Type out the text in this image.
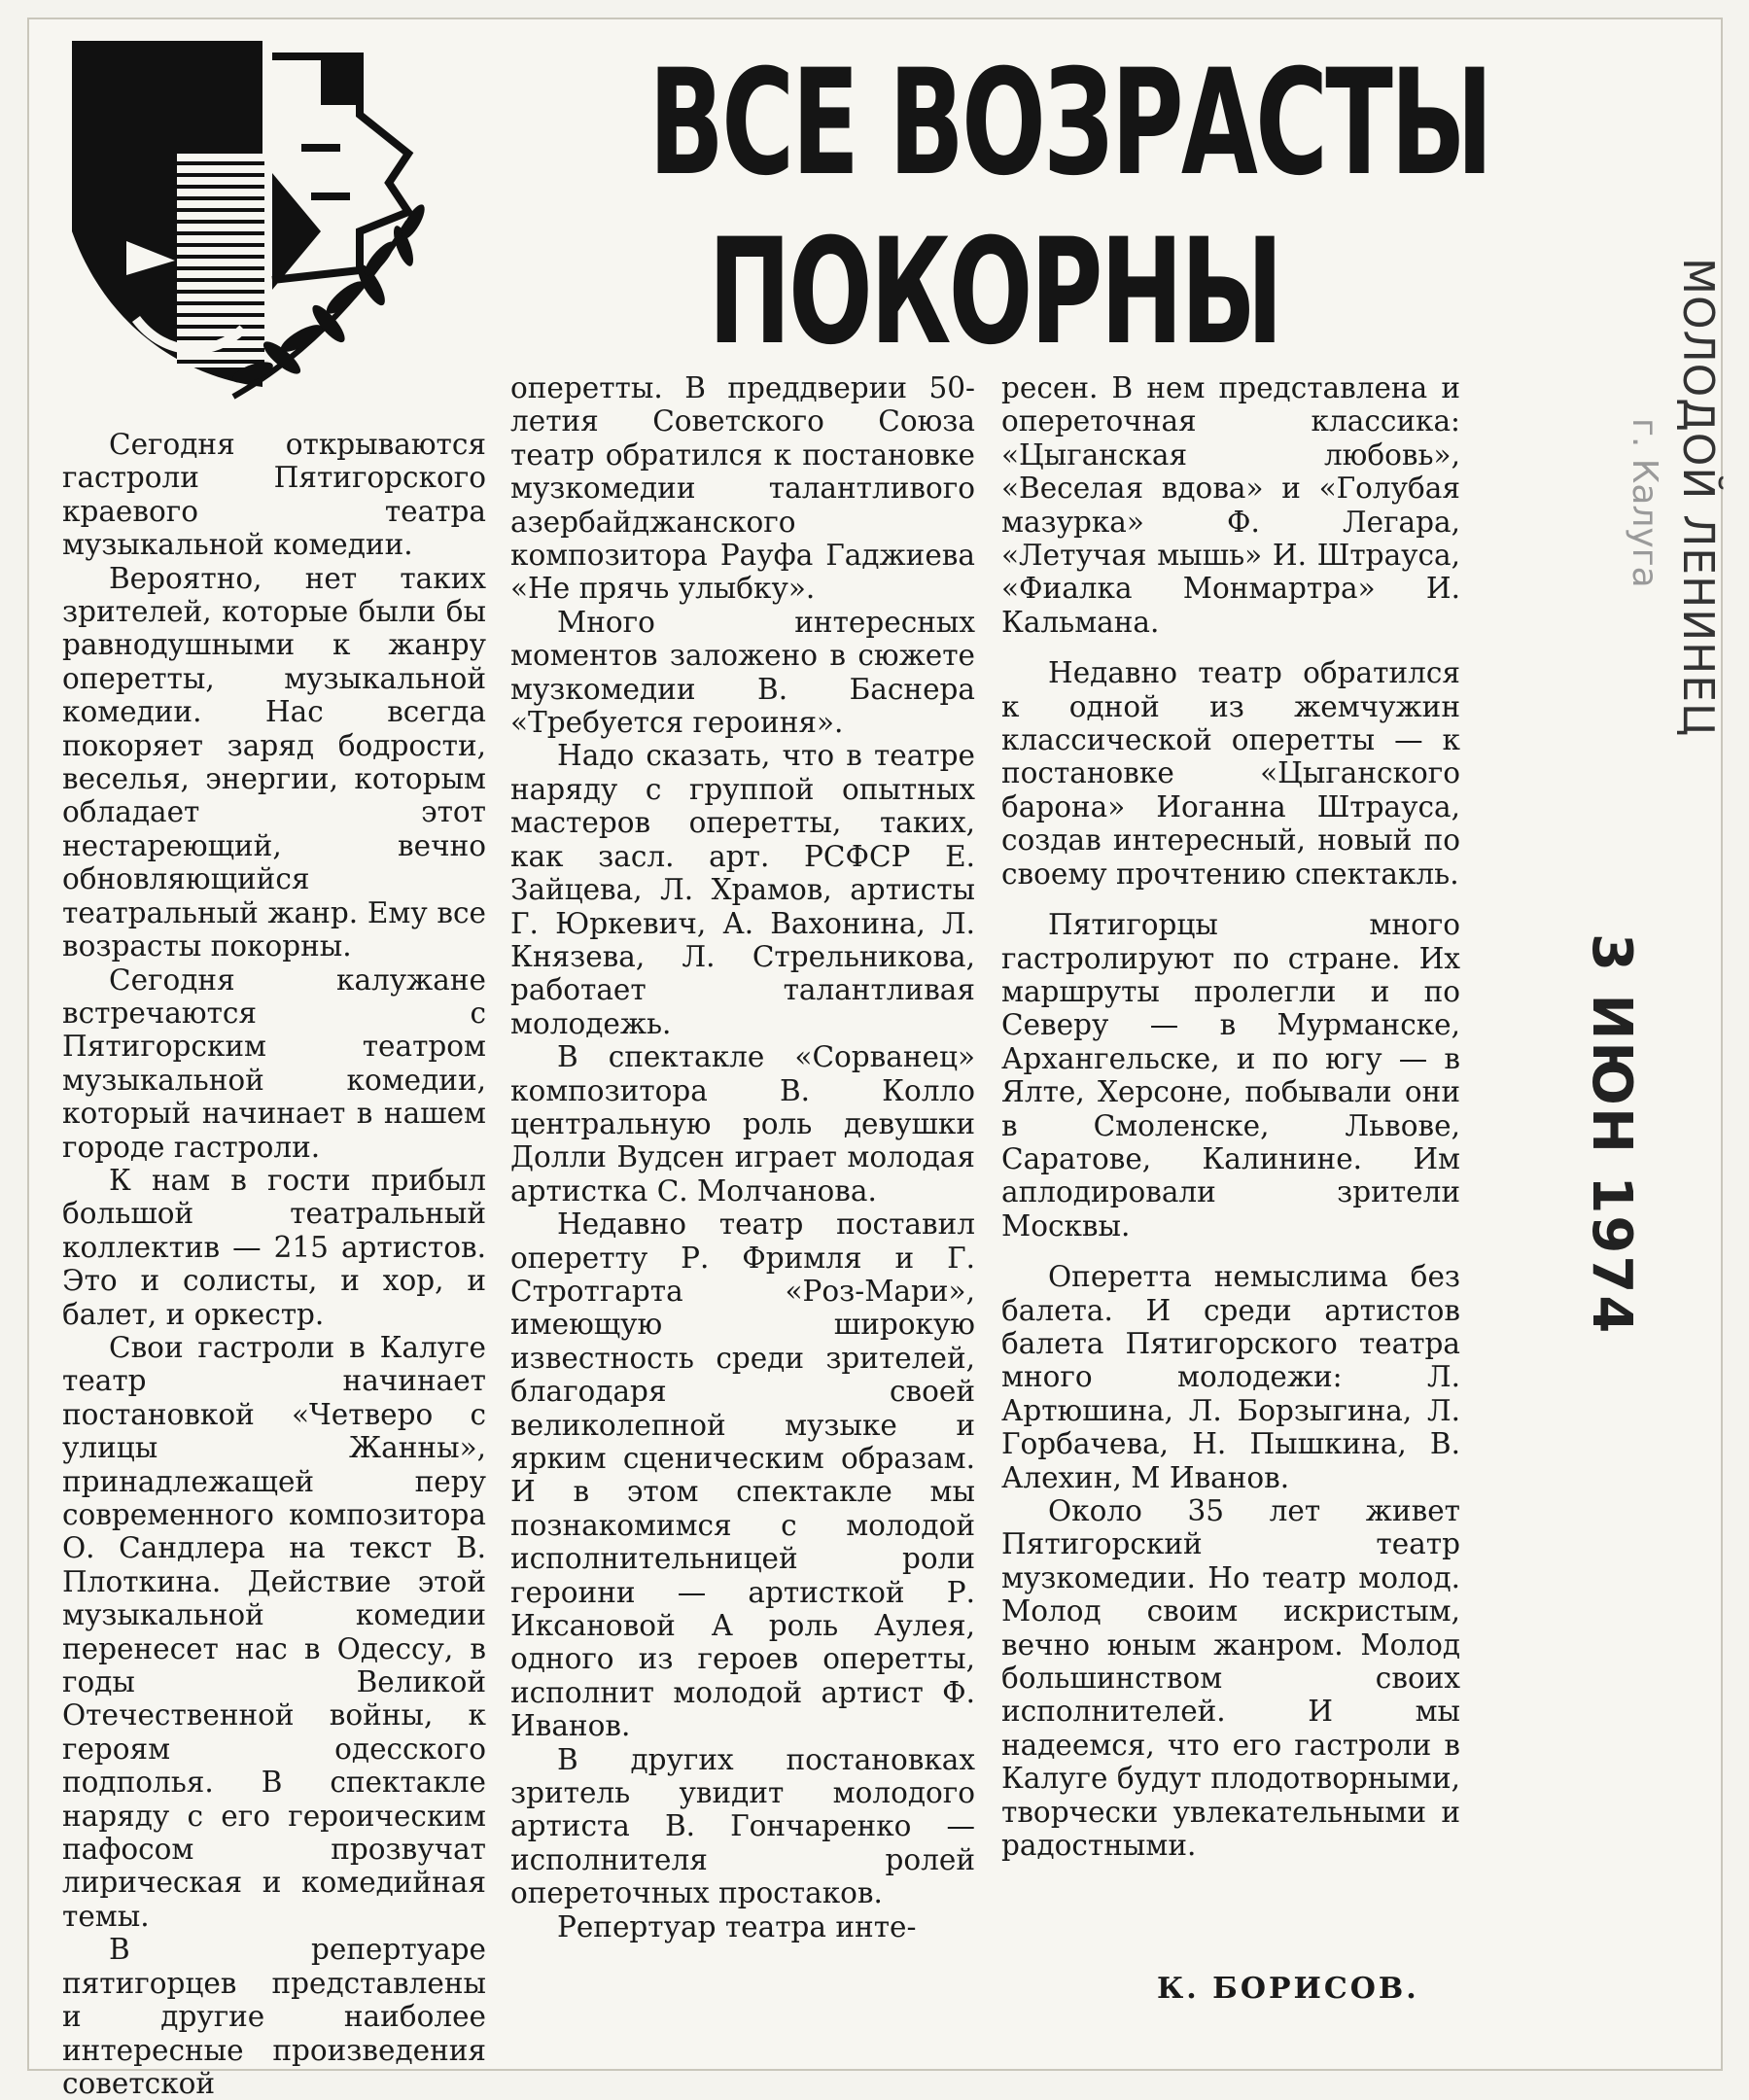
ВСЕ ВОЗРАСТЫ
ПОКОРНЫ

Сегодня открываются гастроли Пятигорского краевого театра музыкальной комедии.

Вероятно, нет таких зрителей, которые были бы равнодушными к жанру оперетты, музыкальной комедии. Нас всегда покоряет заряд бодрости, веселья, энергии, которым обладает этот нестареющий, вечно обновляющийся театральный жанр. Ему все возрасты покорны.

Сегодня калужане встречаются с Пятигорским театром музыкальной комедии, который начинает в нашем городе гастроли.

К нам в гости прибыл большой театральный коллектив — 215 артистов. Это и солисты, и хор, и балет, и оркестр.

Свои гастроли в Калуге театр начинает постановкой «Четверо с улицы Жанны», принадлежащей перу современного композитора О. Сандлера на текст В. Плоткина. Действие этой музыкальной комедии перенесет нас в Одессу, в годы Великой Отечественной войны, к героям одесского подполья. В спектакле наряду с его героическим пафосом прозвучат лирическая и комедийная темы.

В репертуаре пятигорцев представлены и другие наиболее интересные произведения советской

оперетты. В преддверии 50-летия Советского Союза театр обратился к постановке музкомедии талантливого азербайджанского композитора Рауфа Гаджиева «Не прячь улыбку».

Много интересных моментов заложено в сюжете музкомедии В. Баснера «Требуется героиня».

Надо сказать, что в театре наряду с группой опытных мастеров оперетты, таких, как засл. арт. РСФСР Е. Зайцева, Л. Храмов, артисты Г. Юркевич, А. Вахонина, Л. Князева, Л. Стрельникова, работает талантливая молодежь.

В спектакле «Сорванец» композитора В. Колло центральную роль девушки Долли Вудсен играет молодая артистка С. Молчанова.

Недавно театр поставил оперетту Р. Фримля и Г. Стротгарта «Роз-Мари», имеющую широкую известность среди зрителей, благодаря своей великолепной музыке и ярким сценическим образам. И в этом спектакле мы познакомимся с молодой исполнительницей роли героини — артисткой Р. Иксановой А роль Аулея, одного из героев оперетты, исполнит молодой артист Ф. Иванов.

В других постановках зритель увидит молодого артиста В. Гончаренко — исполнителя ролей опереточных простаков.

Репертуар театра инте-

ресен. В нем представлена и опереточная классика: «Цыганская любовь», «Веселая вдова» и «Голубая мазурка» Ф. Легара, «Летучая мышь» И. Штрауса, «Фиалка Монмартра» И. Кальмана.

Недавно театр обратился к одной из жемчужин классической оперетты — к постановке «Цыганского барона» Иоганна Штрауса, создав интересный, новый по своему прочтению спектакль.

Пятигорцы много гастролируют по стране. Их маршруты пролегли и по Северу — в Мурманске, Архангельске, и по югу — в Ялте, Херсоне, побывали они в Смоленске, Львове, Саратове, Калинине. Им аплодировали зрители Москвы.

Оперетта немыслима без балета. И среди артистов балета Пятигорского театра много молодежи: Л. Артюшина, Л. Борзыгина, Л. Горбачева, Н. Пышкина, В. Алехин, М Иванов.

Около 35 лет живет Пятигорский театр музкомедии. Но театр молод. Молод своим искристым, вечно юным жанром. Молод большинством своих исполнителей. И мы надеемся, что его гастроли в Калуге будут плодотворными, творчески увлекательными и радостными.

К. БОРИСОВ.
МОЛОДОЙ ЛЕНИНЕЦ
г. Калуга
3 ИЮН 1974
